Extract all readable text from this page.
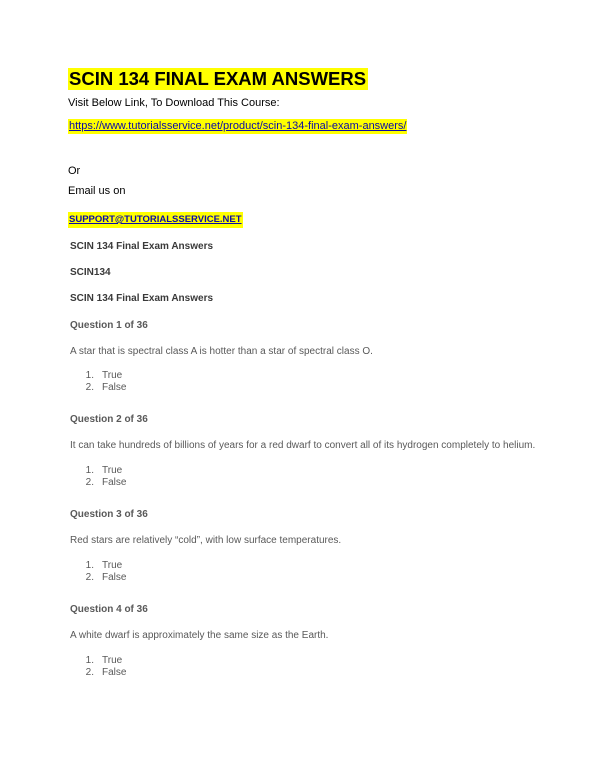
SCIN 134 FINAL EXAM ANSWERS
Visit Below Link, To Download This Course:
https://www.tutorialsservice.net/product/scin-134-final-exam-answers/
Or
Email us on
SUPPORT@TUTORIALSSERVICE.NET
SCIN 134 Final Exam Answers
SCIN134
SCIN 134 Final Exam Answers
Question 1 of 36
A star that is spectral class A is hotter than a star of spectral class O.
1. True
2. False
Question 2 of 36
It can take hundreds of billions of years for a red dwarf to convert all of its hydrogen completely to helium.
1. True
2. False
Question 3 of 36
Red stars are relatively “cold”, with low surface temperatures.
1. True
2. False
Question 4 of 36
A white dwarf is approximately the same size as the Earth.
1. True
2. False
